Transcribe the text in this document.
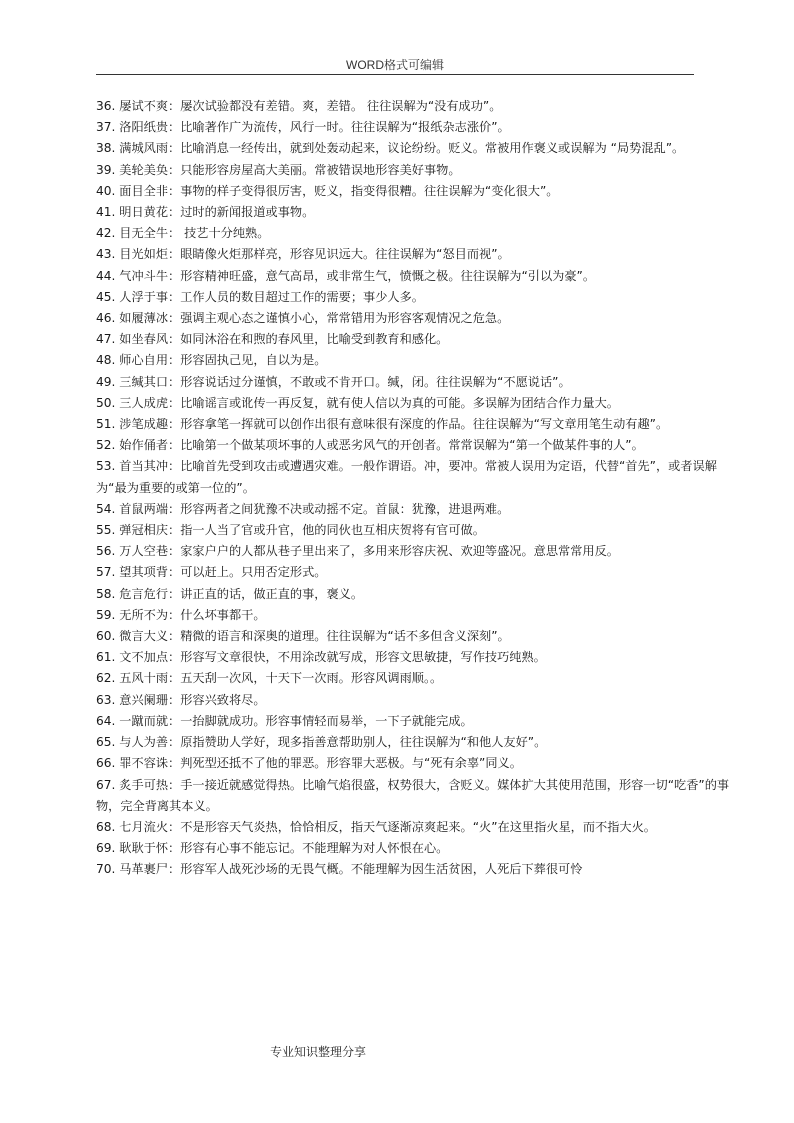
WORD格式可编辑

36. 屡试不爽：屡次试验都没有差错。爽，差错。 往往误解为“没有成功”。

37. 洛阳纸贵：比喻著作广为流传，风行一时。往往误解为“报纸杂志涨价”。

38. 满城风雨：比喻消息一经传出，就到处轰动起来，议论纷纷。贬义。常被用作褒义或误解为 “局势混乱”。

39. 美轮美奂：只能形容房屋高大美丽。常被错误地形容美好事物。

40. 面目全非：事物的样子变得很厉害，贬义，指变得很糟。往往误解为“变化很大”。

41. 明日黄花：过时的新闻报道或事物。

42. 目无全牛： 技艺十分纯熟。

43. 目光如炬：眼睛像火炬那样亮，形容见识远大。往往误解为“怒目而视”。

44. 气冲斗牛：形容精神旺盛，意气高昂，或非常生气，愤慨之极。往往误解为“引以为豪”。

45. 人浮于事：工作人员的数目超过工作的需要；事少人多。

46. 如履薄冰：强调主观心态之谨慎小心，常常错用为形容客观情况之危急。

47. 如坐春风：如同沐浴在和煦的春风里，比喻受到教育和感化。

48. 师心自用：形容固执己见，自以为是。

49. 三缄其口：形容说话过分谨慎，不敢或不肯开口。缄，闭。往往误解为“不愿说话”。

50. 三人成虎：比喻谣言或讹传一再反复，就有使人信以为真的可能。多误解为团结合作力量大。

51. 涉笔成趣：形容拿笔一挥就可以创作出很有意味很有深度的作品。往往误解为“写文章用笔生动有趣”。

52. 始作俑者：比喻第一个做某项坏事的人或恶劣风气的开创者。常常误解为“第一个做某件事的人”。

53. 首当其冲：比喻首先受到攻击或遭遇灾难。一般作谓语。冲，要冲。常被人误用为定语，代替“首先”，或者误解为“最为重要的或第一位的”。

54. 首鼠两端：形容两者之间犹豫不决或动摇不定。首鼠：犹豫，进退两难。

55. 弹冠相庆：指一人当了官或升官，他的同伙也互相庆贺将有官可做。

56. 万人空巷：家家户户的人都从巷子里出来了，多用来形容庆祝、欢迎等盛况。意思常常用反。

57. 望其项背：可以赶上。只用否定形式。

58. 危言危行：讲正直的话，做正直的事，褒义。

59. 无所不为：什么坏事都干。

60. 微言大义：精微的语言和深奥的道理。往往误解为“话不多但含义深刻”。

61. 文不加点：形容写文章很快，不用涂改就写成，形容文思敏捷，写作技巧纯熟。

62. 五风十雨：五天刮一次风，十天下一次雨。形容风调雨顺。。

63. 意兴阑珊：形容兴致将尽。

64. 一蹴而就：一抬脚就成功。形容事情轻而易举，一下子就能完成。

65. 与人为善：原指赞助人学好，现多指善意帮助别人，往往误解为“和他人友好”。

66. 罪不容诛：判死型还抵不了他的罪恶。形容罪大恶极。与“死有余辜”同义。

67. 炙手可热：手一接近就感觉得热。比喻气焰很盛，权势很大，含贬义。媒体扩大其使用范围，形容一切“吃香”的事物，完全背离其本义。

68. 七月流火：不是形容天气炎热，恰恰相反，指天气逐渐凉爽起来。“火”在这里指火星，而不指大火。

69. 耿耿于怀：形容有心事不能忘记。不能理解为对人怀恨在心。

70. 马革裹尸：形容军人战死沙场的无畏气概。不能理解为因生活贫困，人死后下葬很可怜

专业知识整理分享
